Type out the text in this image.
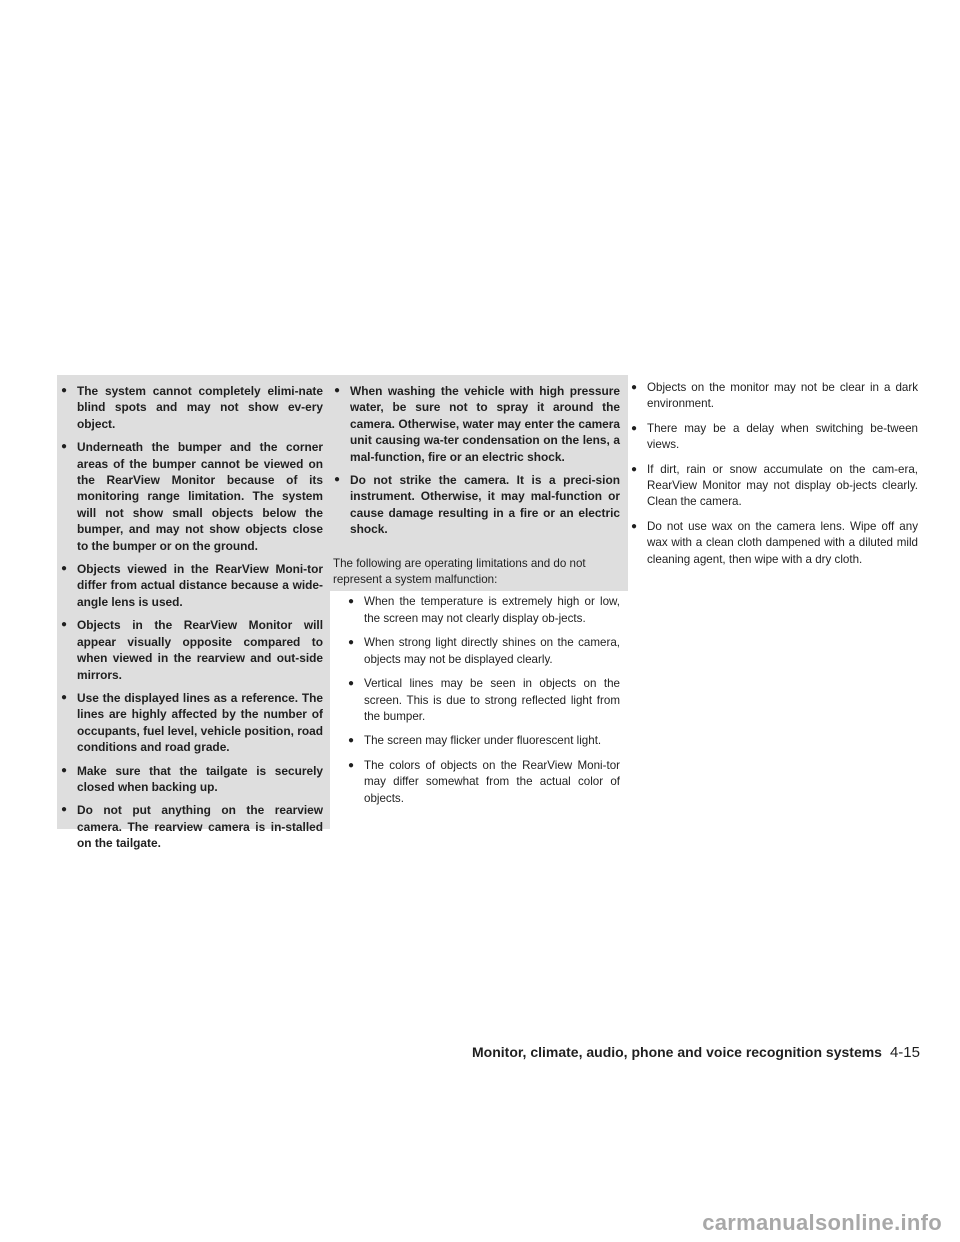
● The system cannot completely elimi-nate blind spots and may not show ev-ery object.
● Underneath the bumper and the corner areas of the bumper cannot be viewed on the RearView Monitor because of its monitoring range limitation. The system will not show small objects below the bumper, and may not show objects close to the bumper or on the ground.
● Objects viewed in the RearView Moni-tor differ from actual distance because a wide-angle lens is used.
● Objects in the RearView Monitor will appear visually opposite compared to when viewed in the rearview and out-side mirrors.
● Use the displayed lines as a reference. The lines are highly affected by the number of occupants, fuel level, vehicle position, road conditions and road grade.
● Make sure that the tailgate is securely closed when backing up.
● Do not put anything on the rearview camera. The rearview camera is in-stalled on the tailgate.
● When washing the vehicle with high pressure water, be sure not to spray it around the camera. Otherwise, water may enter the camera unit causing wa-ter condensation on the lens, a mal-function, fire or an electric shock.
● Do not strike the camera. It is a preci-sion instrument. Otherwise, it may mal-function or cause damage resulting in a fire or an electric shock.

The following are operating limitations and do not represent a system malfunction:

● When the temperature is extremely high or low, the screen may not clearly display ob-jects.
● When strong light directly shines on the camera, objects may not be displayed clearly.
● Vertical lines may be seen in objects on the screen. This is due to strong reflected light from the bumper.
● The screen may flicker under fluorescent light.
● The colors of objects on the RearView Moni-tor may differ somewhat from the actual color of objects.
● Objects on the monitor may not be clear in a dark environment.
● There may be a delay when switching be-tween views.
● If dirt, rain or snow accumulate on the cam-era, RearView Monitor may not display ob-jects clearly. Clean the camera.
● Do not use wax on the camera lens. Wipe off any wax with a clean cloth dampened with a diluted mild cleaning agent, then wipe with a dry cloth.
Monitor, climate, audio, phone and voice recognition systems 4-15
carmanualsonline.info
